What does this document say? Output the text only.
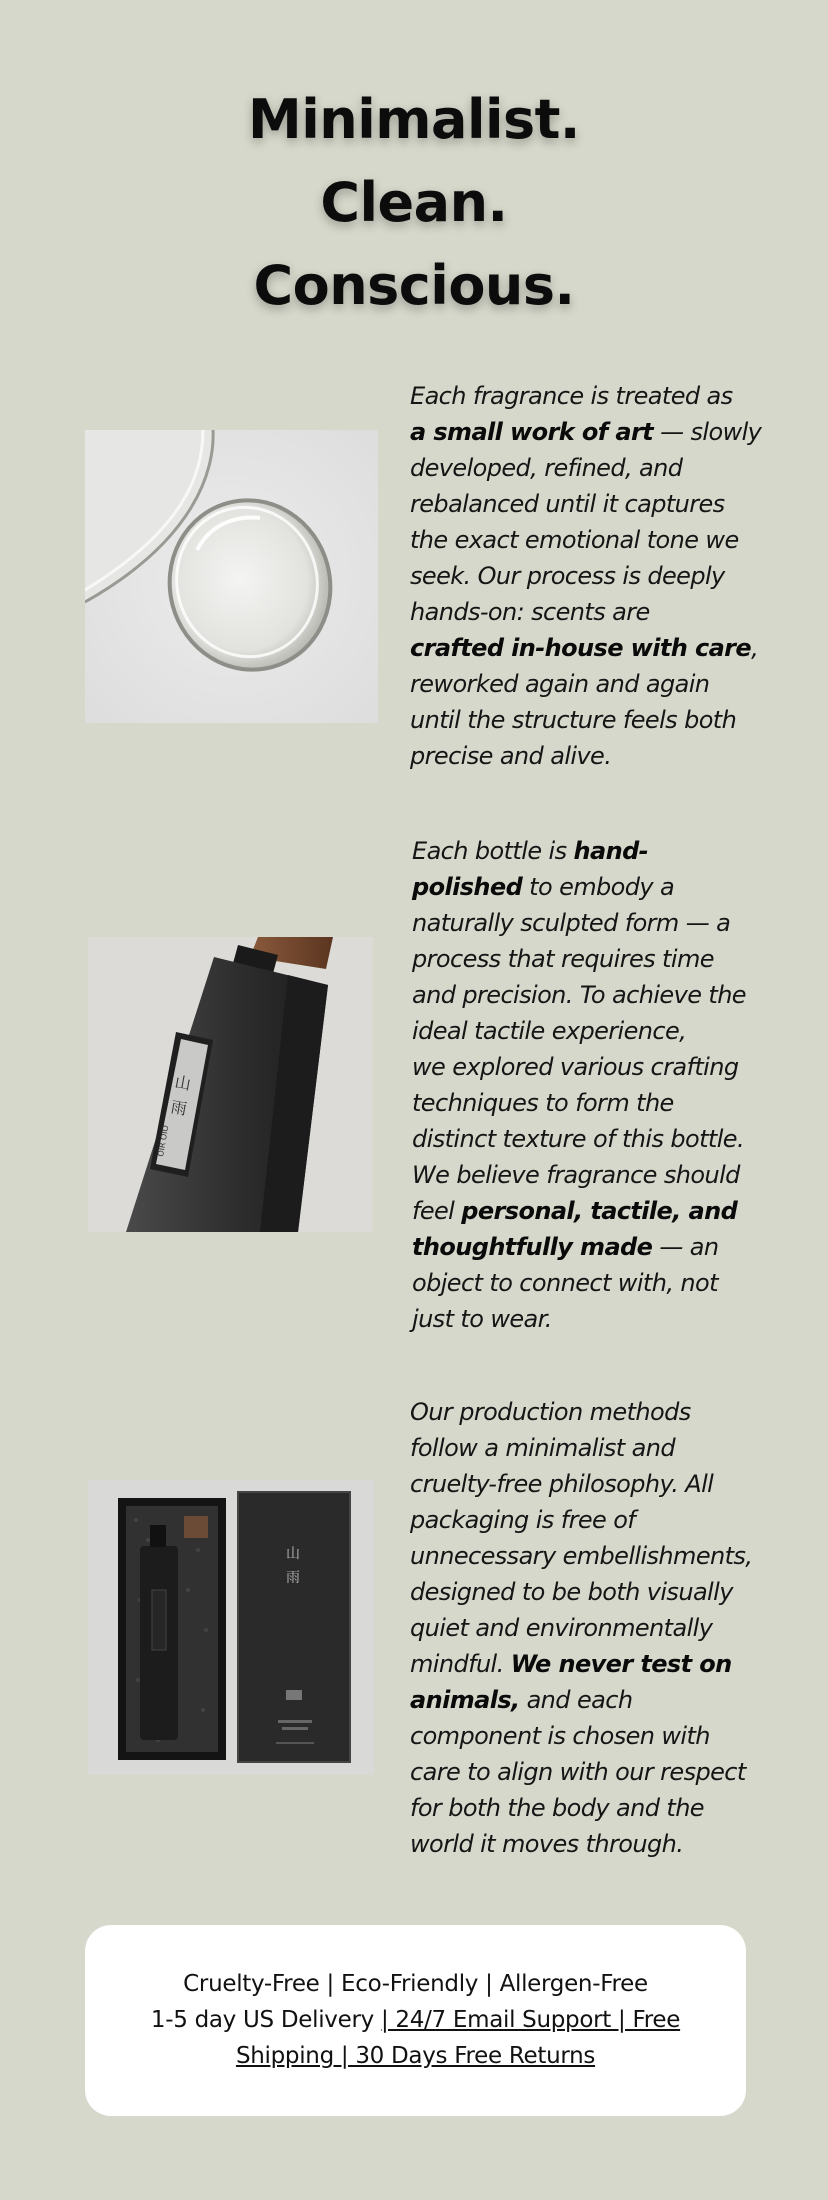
Minimalist.
Clean.
Conscious.
Each fragrance is treated as
a small work of art — slowly
developed, refined, and
rebalanced until it captures
the exact emotional tone we
seek. Our process is deeply
hands-on: scents are
crafted in-house with care,
reworked again and again
until the structure feels both
precise and alive.
山
雨
OIR OIO
Each bottle is hand-
polished to embody a
naturally sculpted form — a
process that requires time
and precision. To achieve the
ideal tactile experience,
we explored various crafting
techniques to form the
distinct texture of this bottle.
We believe fragrance should
feel personal, tactile, and
thoughtfully made — an
object to connect with, not
just to wear.
山
雨
Our production methods
follow a minimalist and
cruelty-free philosophy. All
packaging is free of
unnecessary embellishments,
designed to be both visually
quiet and environmentally
mindful. We never test on
animals, and each
component is chosen with
care to align with our respect
for both the body and the
world it moves through.
Cruelty-Free | Eco-Friendly | Allergen-Free
1-5 day US Delivery | 24/7 Email Support | Free
Shipping | 30 Days Free Returns
